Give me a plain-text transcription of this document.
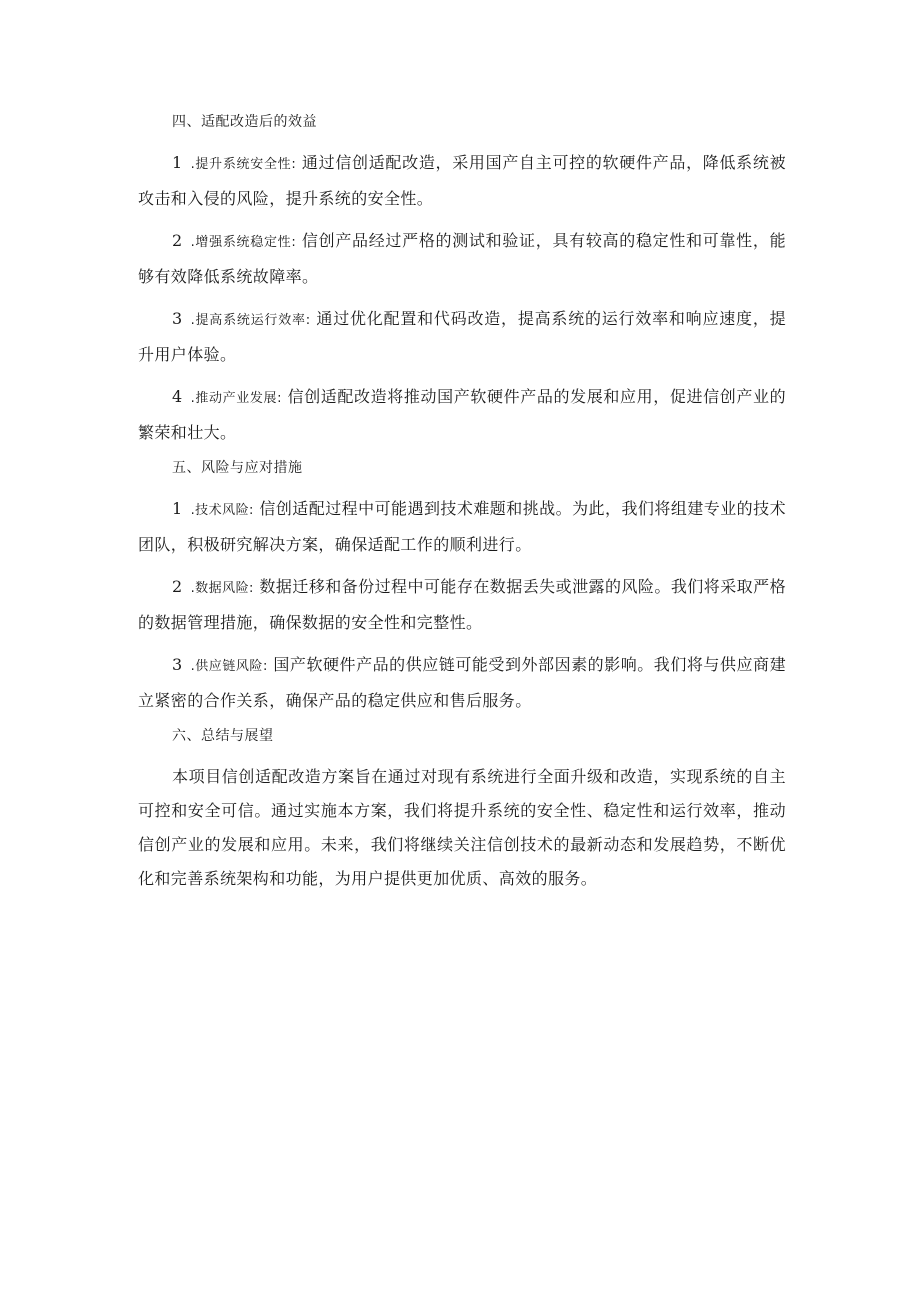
四、适配改造后的效益

1 .提升系统安全性: 通过信创适配改造，采用国产自主可控的软硬件产品，降低系统被攻击和入侵的风险，提升系统的安全性。

2 .增强系统稳定性: 信创产品经过严格的测试和验证，具有较高的稳定性和可靠性，能够有效降低系统故障率。

3 .提高系统运行效率: 通过优化配置和代码改造，提高系统的运行效率和响应速度，提升用户体验。

4 .推动产业发展: 信创适配改造将推动国产软硬件产品的发展和应用，促进信创产业的繁荣和壮大。

五、风险与应对措施

1 .技术风险: 信创适配过程中可能遇到技术难题和挑战。为此，我们将组建专业的技术团队，积极研究解决方案，确保适配工作的顺利进行。

2 .数据风险: 数据迁移和备份过程中可能存在数据丢失或泄露的风险。我们将采取严格的数据管理措施，确保数据的安全性和完整性。

3 .供应链风险: 国产软硬件产品的供应链可能受到外部因素的影响。我们将与供应商建立紧密的合作关系，确保产品的稳定供应和售后服务。

六、总结与展望

本项目信创适配改造方案旨在通过对现有系统进行全面升级和改造，实现系统的自主可控和安全可信。通过实施本方案，我们将提升系统的安全性、稳定性和运行效率，推动信创产业的发展和应用。未来，我们将继续关注信创技术的最新动态和发展趋势，不断优化和完善系统架构和功能，为用户提供更加优质、高效的服务。
